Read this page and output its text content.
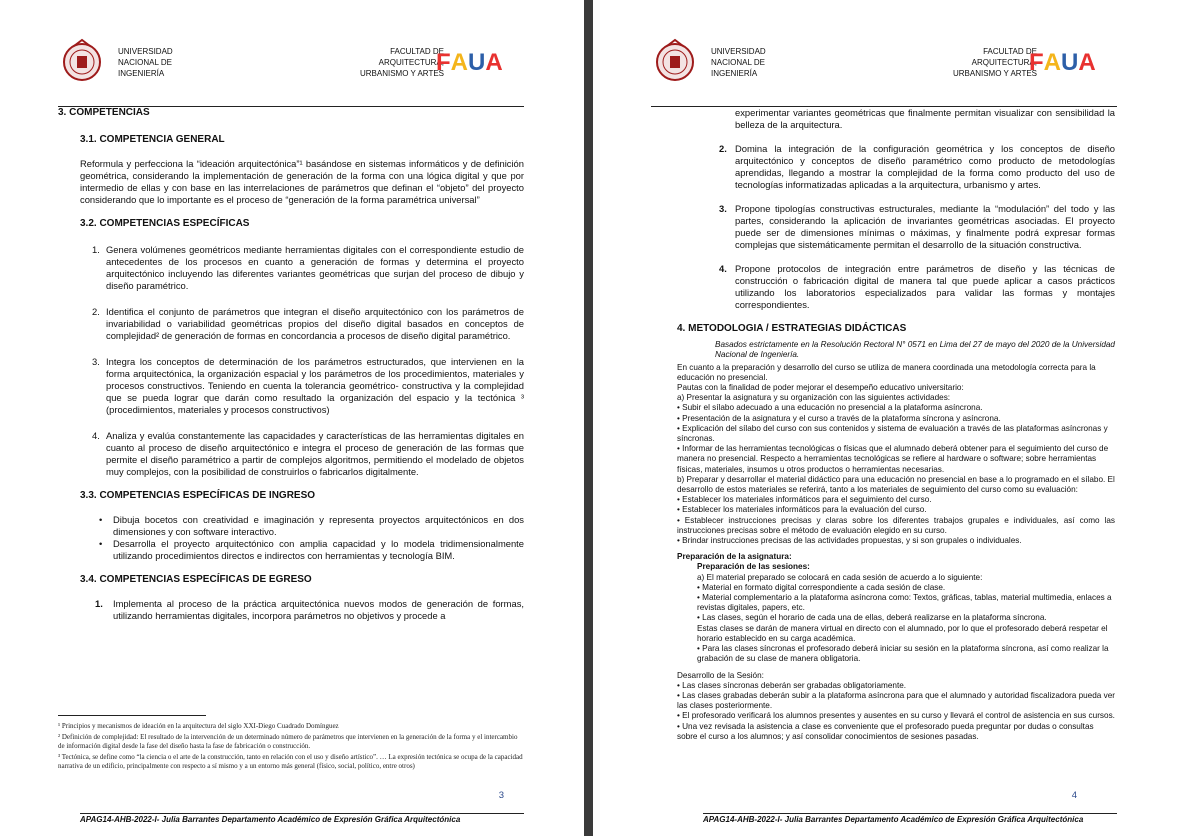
UNIVERSIDAD
NACIONAL DE
INGENIERÍA
FACULTAD DE
ARQUITECTURA,
URBANISMO Y ARTES
FAUA
3. COMPETENCIAS
3.1. COMPETENCIA GENERAL

Reformula y perfecciona la “ideación arquitectónica”¹ basándose en sistemas informáticos y de definición geométrica, considerando la implementación de generación de la forma con una lógica digital y que por intermedio de ellas y con base en las interrelaciones de parámetros que definan el “objeto” del proyecto considerando que lo importante es el proceso de “generación de la forma paramétrica universal”

3.2. COMPETENCIAS ESPECÍFICAS
1. Genera volúmenes geométricos mediante herramientas digitales con el correspondiente estudio de antecedentes de los procesos en cuanto a generación de formas y determina el proyecto arquitectónico incluyendo las diferentes variantes geométricas que surjan del proceso de dibujo y diseño paramétrico.

2. Identifica el conjunto de parámetros que integran el diseño arquitectónico con los parámetros de invariabilidad o variabilidad geométricas propios del diseño digital basados en conceptos de complejidad² de generación de formas en concordancia a procesos de diseño digital paramétrico.

3. Integra los conceptos de determinación de los parámetros estructurados, que intervienen en la forma arquitectónica, la organización espacial y los parámetros de los procedimientos, materiales y procesos constructivos. Teniendo en cuenta la tolerancia geométrico- constructiva y la complejidad que se pueda lograr que darán como resultado la organización del espacio y la tectónica ³ (procedimientos, materiales y procesos constructivos)

4. Analiza y evalúa constantemente las capacidades y características de las herramientas digitales en cuanto al proceso de diseño arquitectónico e integra el proceso de generación de las formas que permite el diseño paramétrico a partir de complejos algoritmos, permitiendo el modelado de objetos muy complejos, con la posibilidad de construirlos o fabricarlos digitalmente.

3.3. COMPETENCIAS ESPECÍFICAS DE INGRESO
• Dibuja bocetos con creatividad e imaginación y representa proyectos arquitectónicos en dos dimensiones y con software interactivo.

• Desarrolla el proyecto arquitectónico con amplia capacidad y lo modela tridimensionalmente utilizando procedimientos directos e indirectos con herramientas y tecnología BIM.

3.4. COMPETENCIAS ESPECÍFICAS DE EGRESO
1. Implementa al proceso de la práctica arquitectónica nuevos modos de generación de formas, utilizando herramientas digitales, incorpora parámetros no objetivos y procede a

¹ Principios y mecanismos de ideación en la arquitectura del siglo XXI-Diego Cuadrado Domínguez

² Definición de complejidad: El resultado de la intervención de un determinado número de parámetros que intervienen en la generación de la forma y el intercambio de información digital desde la fase del diseño hasta la fase de fabricación o construcción.

³ Tectónica, se define como “la ciencia o el arte de la construcción, tanto en relación con el uso y diseño artístico”. … La expresión tectónica se ocupa de la capacidad narrativa de un edificio, principalmente con respecto a sí mismo y a un entorno más general (físico, social, político, entre otros)

3
APAG14-AHB-2022-I- Julia Barrantes Departamento Académico de Expresión Gráfica Arquitectónica
UNIVERSIDAD
NACIONAL DE
INGENIERÍA
FACULTAD DE
ARQUITECTURA,
URBANISMO Y ARTES
FAUA

experimentar variantes geométricas que finalmente permitan visualizar con sensibilidad la belleza de la arquitectura.

2. Domina la integración de la configuración geométrica y los conceptos de diseño arquitectónico y conceptos de diseño paramétrico como producto de metodologías aprendidas, llegando a mostrar la complejidad de la forma como producto del uso de tecnologías informatizadas aplicadas a la arquitectura, urbanismo y artes.

3. Propone tipologías constructivas estructurales, mediante la “modulación” del todo y las partes, considerando la aplicación de invariantes geométricas asociadas. El proyecto puede ser de dimensiones mínimas o máximas, y finalmente podrá expresar formas complejas que sistemáticamente permitan el desarrollo de la situación constructiva.

4. Propone protocolos de integración entre parámetros de diseño y las técnicas de construcción o fabricación digital de manera tal que puede aplicar a casos prácticos utilizando los laboratorios especializados para validar las formas y montajes correspondientes.

4. METODOLOGIA / ESTRATEGIAS DIDÁCTICAS

Basados estrictamente en la Resolución Rectoral N° 0571 en Lima del 27 de mayo del 2020 de la Universidad Nacional de Ingeniería.

En cuanto a la preparación y desarrollo del curso se utiliza de manera coordinada una metodología correcta para la educación no presencial.

Pautas con la finalidad de poder mejorar el desempeño educativo universitario:

a) Presentar la asignatura y su organización con las siguientes actividades:

• Subir el sílabo adecuado a una educación no presencial a la plataforma asíncrona.

• Presentación de la asignatura y el curso a través de la plataforma síncrona y asíncrona.

• Explicación del sílabo del curso con sus contenidos y sistema de evaluación a través de las plataformas asíncronas y síncronas.

• Informar de las herramientas tecnológicas o físicas que el alumnado deberá obtener para el seguimiento del curso de manera no presencial. Respecto a herramientas tecnológicas se refiere al hardware o software; sobre herramientas físicas, materiales, insumos u otros productos o herramientas necesarias.

b) Preparar y desarrollar el material didáctico para una educación no presencial en base a lo programado en el sílabo. El desarrollo de estos materiales se referirá, tanto a los materiales de seguimiento del curso como su evaluación:

• Establecer los materiales informáticos para el seguimiento del curso.

• Establecer los materiales informáticos para la evaluación del curso.

• Establecer instrucciones precisas y claras sobre los diferentes trabajos grupales e individuales, así como las instrucciones precisas sobre el método de evaluación elegido en su curso.

• Brindar instrucciones precisas de las actividades propuestas, y si son grupales o individuales.

Preparación de la asignatura:

Preparación de las sesiones:

a) El material preparado se colocará en cada sesión de acuerdo a lo siguiente:

• Material en formato digital correspondiente a cada sesión de clase.

• Material complementario a la plataforma asíncrona como: Textos, gráficas, tablas, material multimedia, enlaces a revistas digitales, papers, etc.

• Las clases, según el horario de cada una de ellas, deberá realizarse en la plataforma síncrona.

Estas clases se darán de manera virtual en directo con el alumnado, por lo que el profesorado deberá respetar el horario establecido en su carga académica.

• Para las clases síncronas el profesorado deberá iniciar su sesión en la plataforma síncrona, así como realizar la grabación de su clase de manera obligatoria.

Desarrollo de la Sesión:

• Las clases síncronas deberán ser grabadas obligatoriamente.

• Las clases grabadas deberán subir a la plataforma asíncrona para que el alumnado y autoridad fiscalizadora pueda ver las clases posteriormente.

• El profesorado verificará los alumnos presentes y ausentes en su curso y llevará el control de asistencia en sus cursos.

• Una vez revisada la asistencia a clase es conveniente que el profesorado pueda preguntar por dudas o consultas sobre el curso a los alumnos; y así consolidar conocimientos de sesiones pasadas.

4
APAG14-AHB-2022-I- Julia Barrantes Departamento Académico de Expresión Gráfica Arquitectónica
